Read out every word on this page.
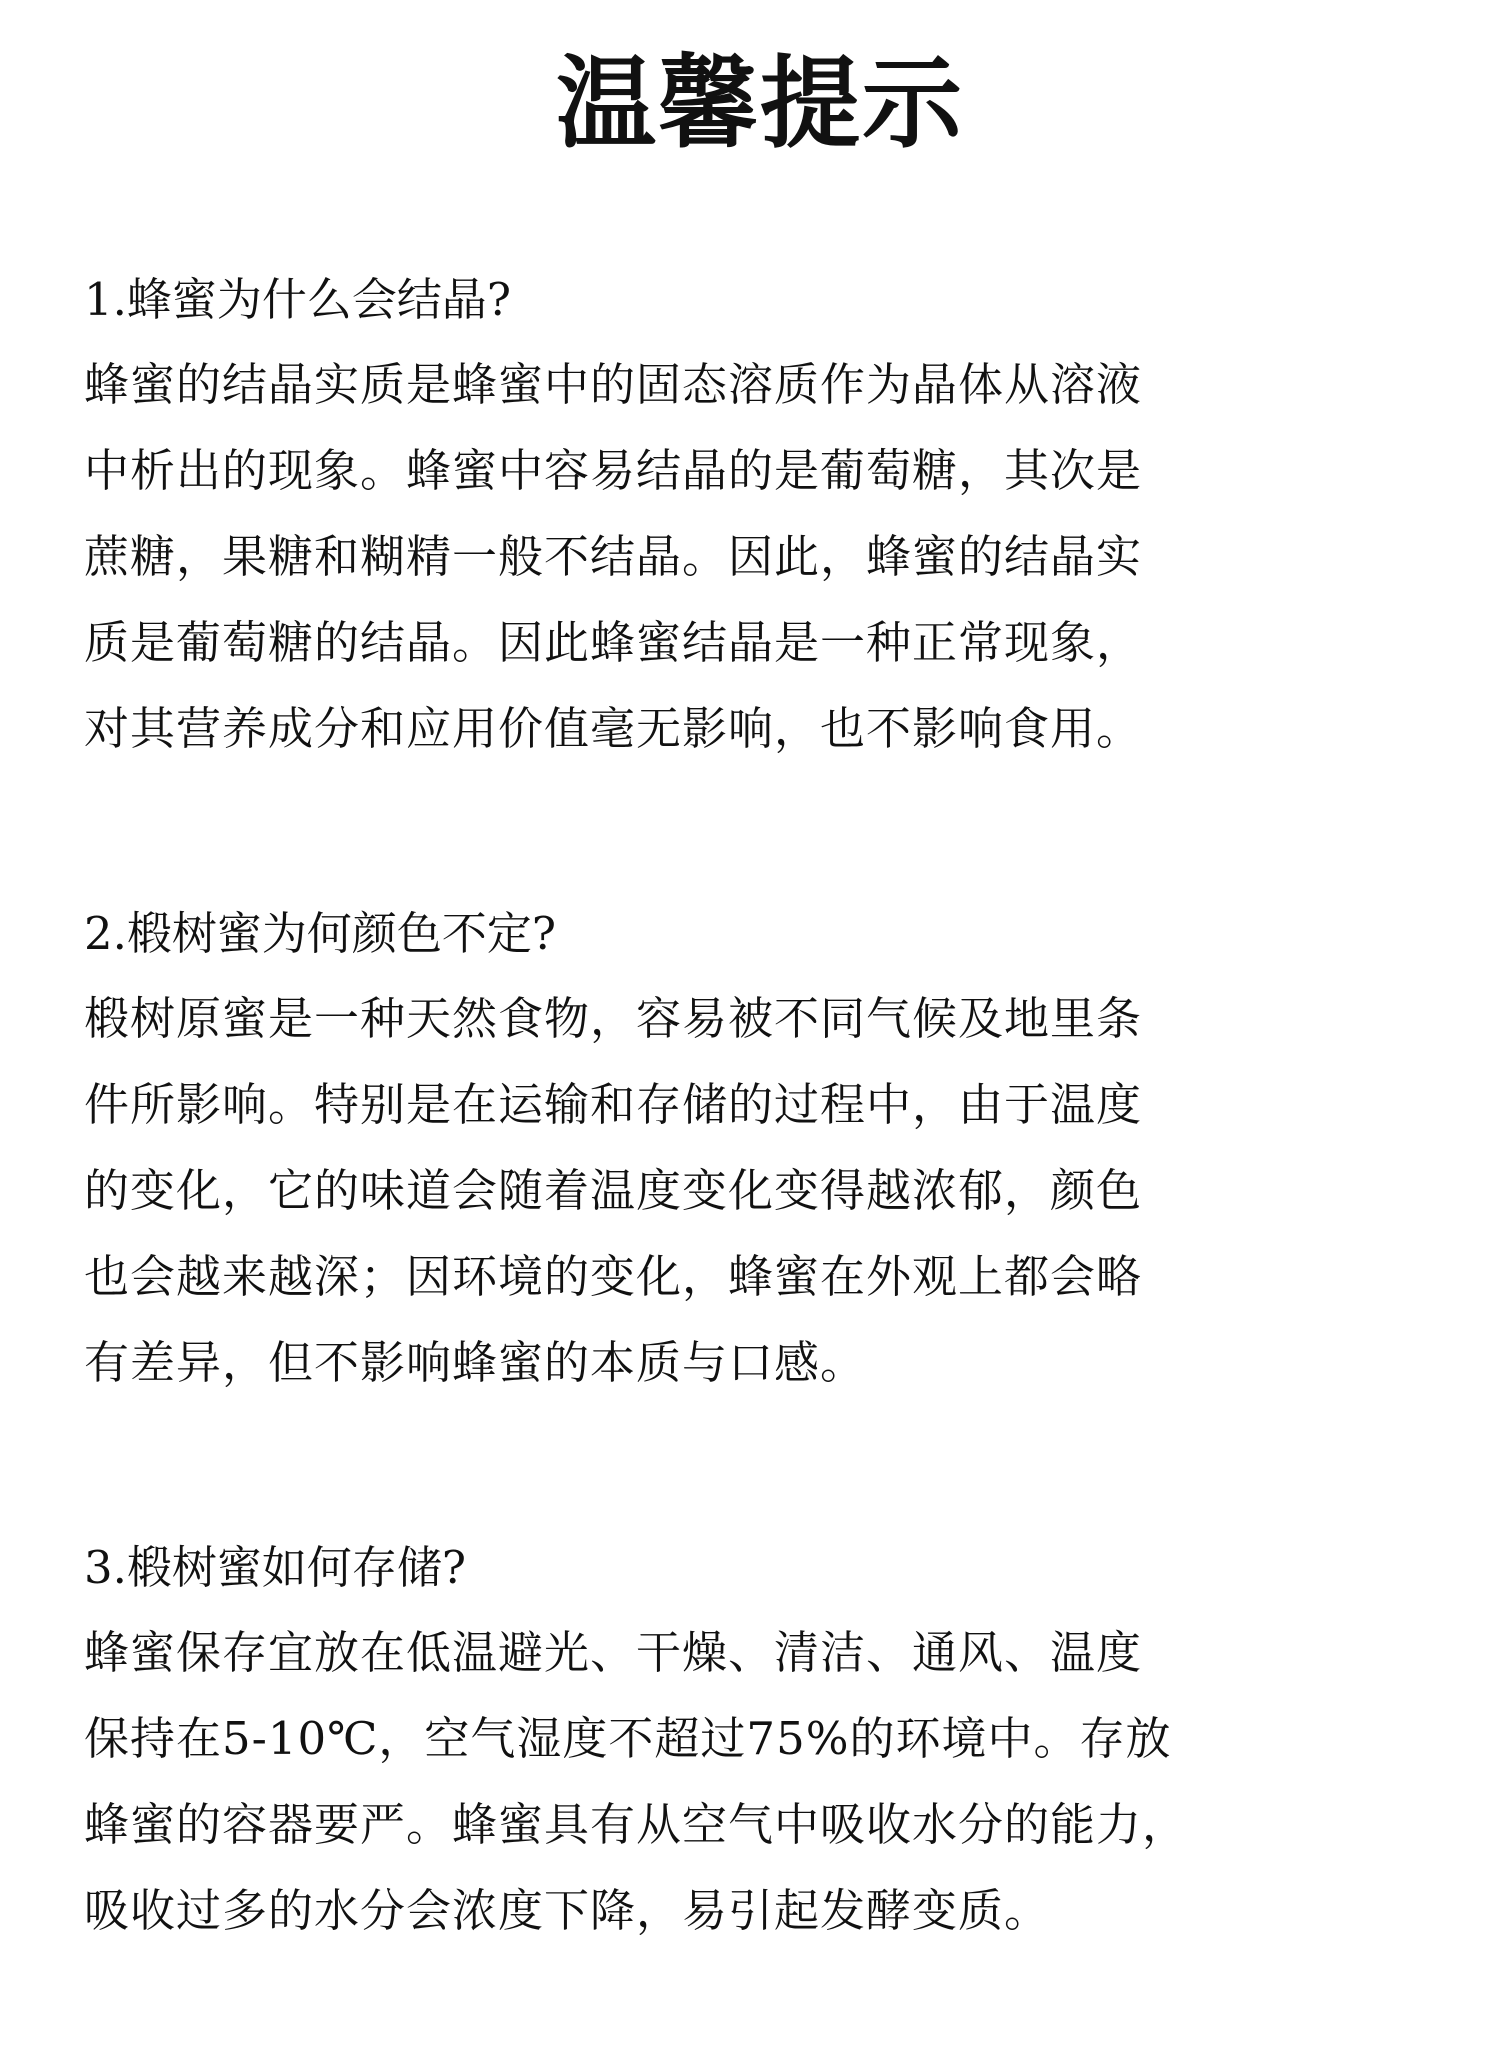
温馨提示
1.蜂蜜为什么会结晶?

蜂蜜的结晶实质是蜂蜜中的固态溶质作为晶体从溶液
中析出的现象。蜂蜜中容易结晶的是葡萄糖，其次是
蔗糖，果糖和糊精一般不结晶。因此，蜂蜜的结晶实
质是葡萄糖的结晶。因此蜂蜜结晶是一种正常现象，
对其营养成分和应用价值毫无影响，也不影响食用。

2.椴树蜜为何颜色不定?

椴树原蜜是一种天然食物，容易被不同气候及地里条
件所影响。特别是在运输和存储的过程中，由于温度
的变化，它的味道会随着温度变化变得越浓郁，颜色
也会越来越深；因环境的变化，蜂蜜在外观上都会略
有差异，但不影响蜂蜜的本质与口感。

3.椴树蜜如何存储?

蜂蜜保存宜放在低温避光、干燥、清洁、通风、温度
保持在5-10℃，空气湿度不超过75%的环境中。存放
蜂蜜的容器要严。蜂蜜具有从空气中吸收水分的能力，
吸收过多的水分会浓度下降，易引起发酵变质。
